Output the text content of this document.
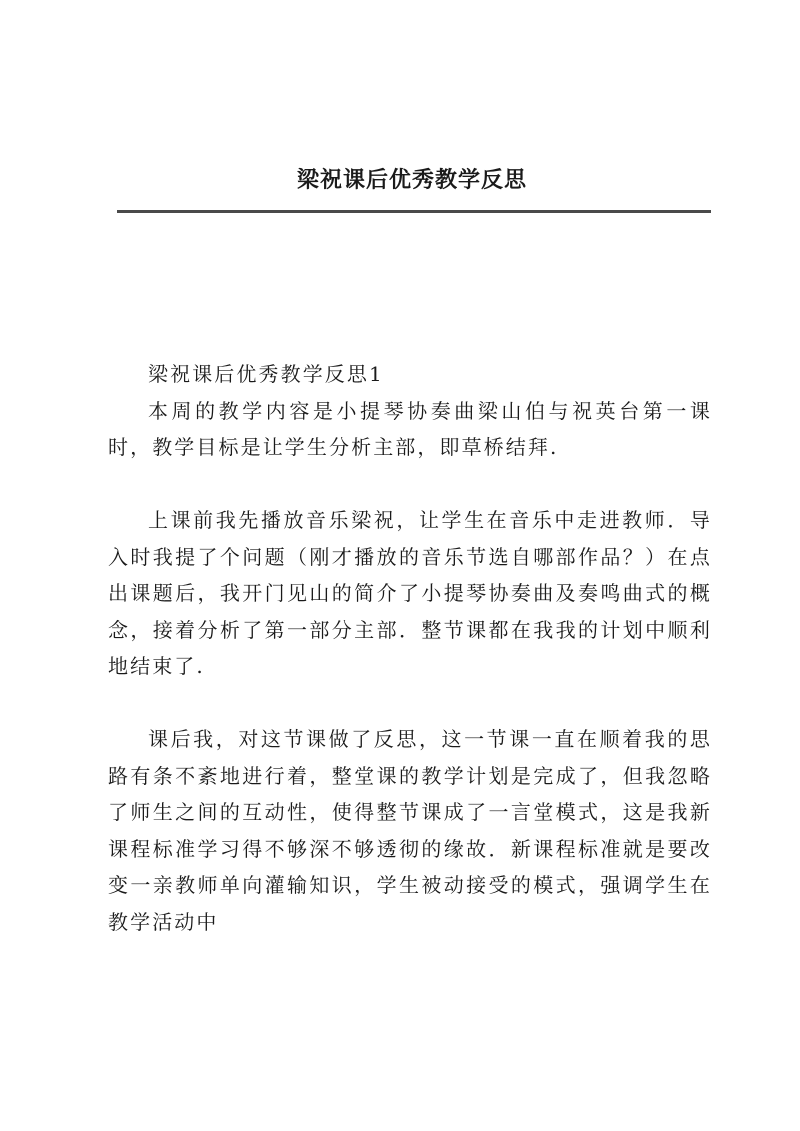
梁祝课后优秀教学反思

梁祝课后优秀教学反思1

本周的教学内容是小提琴协奏曲梁山伯与祝英台第一课时，教学目标是让学生分析主部，即草桥结拜.

上课前我先播放音乐梁祝，让学生在音乐中走进教师．导入时我提了个问题（刚才播放的音乐节选自哪部作品？）在点出课题后，我开门见山的简介了小提琴协奏曲及奏鸣曲式的概念，接着分析了第一部分主部．整节课都在我我的计划中顺利地结束了.

课后我，对这节课做了反思，这一节课一直在顺着我的思路有条不紊地进行着，整堂课的教学计划是完成了，但我忽略了师生之间的互动性，使得整节课成了一言堂模式，这是我新课程标准学习得不够深不够透彻的缘故．新课程标准就是要改变一亲教师单向灌输知识，学生被动接受的模式，强调学生在教学活动中
